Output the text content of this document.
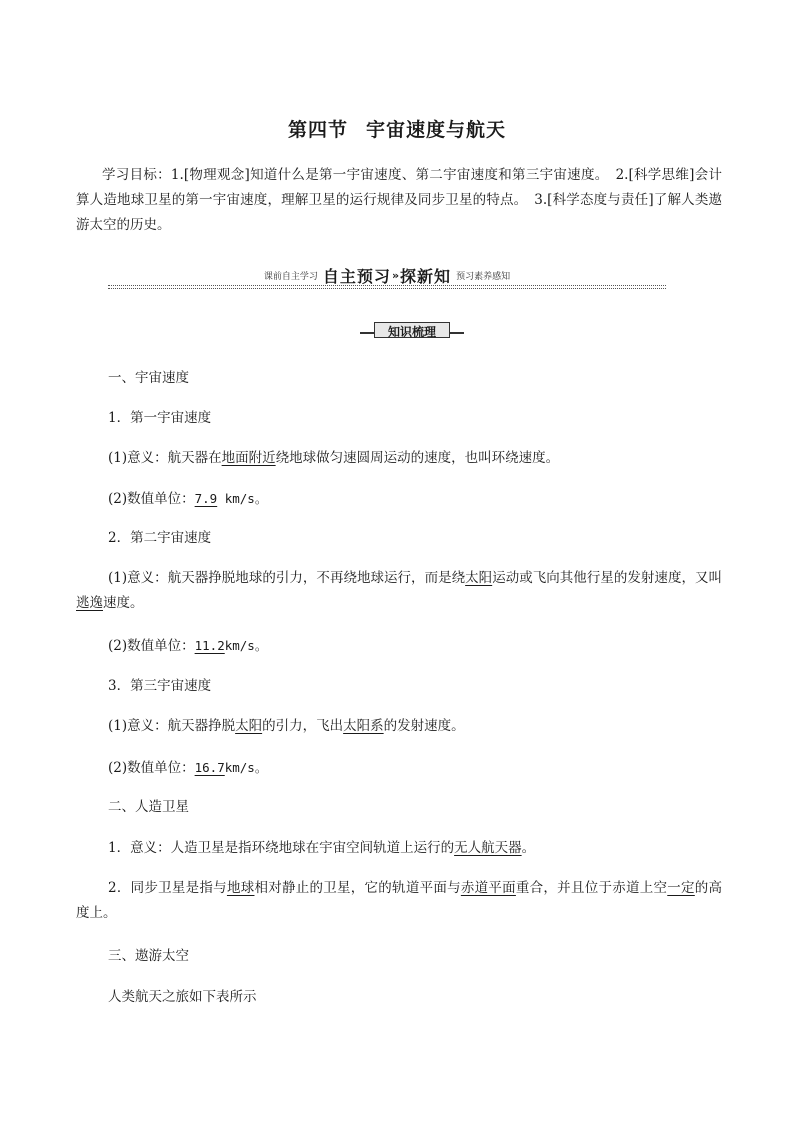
第四节 宇宙速度与航天
学习目标：1.[物理观念]知道什么是第一宇宙速度、第二宇宙速度和第三宇宙速度。　2.[科学思维]会计算人造地球卫星的第一宇宙速度，理解卫星的运行规律及同步卫星的特点。　3.[科学态度与责任]了解人类遨游太空的历史。
课前自主学习 自主预习»探新知 预习素养感知
知识梳理
一、宇宙速度
1．第一宇宙速度
(1)意义：航天器在地面附近绕地球做匀速圆周运动的速度，也叫环绕速度。
(2)数值单位：7.9 km/s。
2．第二宇宙速度
(1)意义：航天器挣脱地球的引力，不再绕地球运行，而是绕太阳运动或飞向其他行星的发射速度，又叫逃逸速度。
(2)数值单位：11.2km/s。
3．第三宇宙速度
(1)意义：航天器挣脱太阳的引力，飞出太阳系的发射速度。
(2)数值单位：16.7km/s。
二、人造卫星
1．意义：人造卫星是指环绕地球在宇宙空间轨道上运行的无人航天器。
2．同步卫星是指与地球相对静止的卫星，它的轨道平面与赤道平面重合，并且位于赤道上空一定的高度上。
三、遨游太空
人类航天之旅如下表所示
